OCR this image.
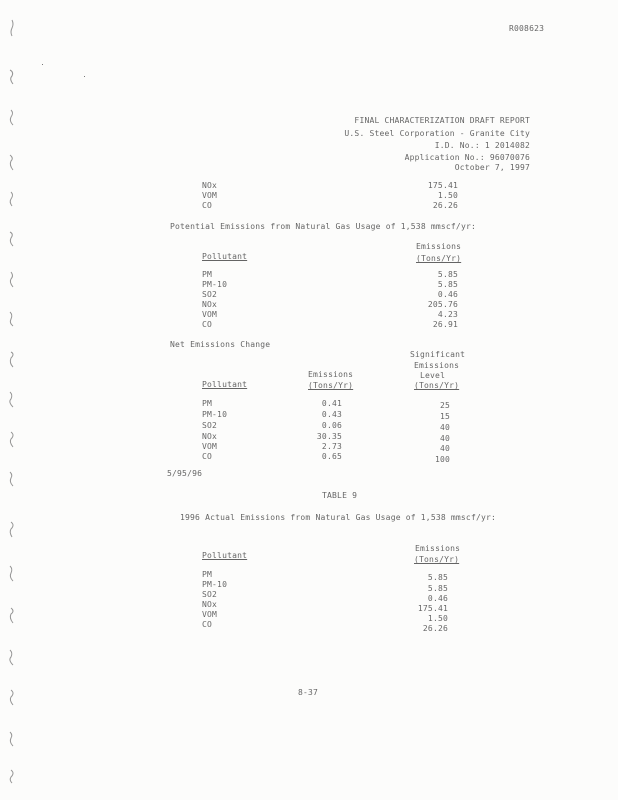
R008623
FINAL CHARACTERIZATION DRAFT REPORT
U.S. Steel Corporation - Granite City
I.D. No.: 1 2014082
Application No.: 96070076
October 7, 1997
NOx	175.41
VOM	1.50
CO	26.26
Potential Emissions from Natural Gas Usage of 1,538 mmscf/yr:
Emissions
Pollutant	(Tons/Yr)
PM	5.85
PM-10	5.85
SO2	0.46
NOx	205.76
VOM	4.23
CO	26.91
Net Emissions Change
Significant
Emissions
Emissions	Level
Pollutant	(Tons/Yr)	(Tons/Yr)
PM	0.41	25
PM-10	0.43	15
SO2	0.06	40
NOx	30.35	40
VOM	2.73	40
CO	0.65	100
5/95/96
TABLE 9
1996 Actual Emissions from Natural Gas Usage of 1,538 mmscf/yr:
Emissions
Pollutant	(Tons/Yr)
PM	5.85
PM-10	5.85
SO2	0.46
NOx	175.41
VOM	1.50
CO	26.26
8-37
